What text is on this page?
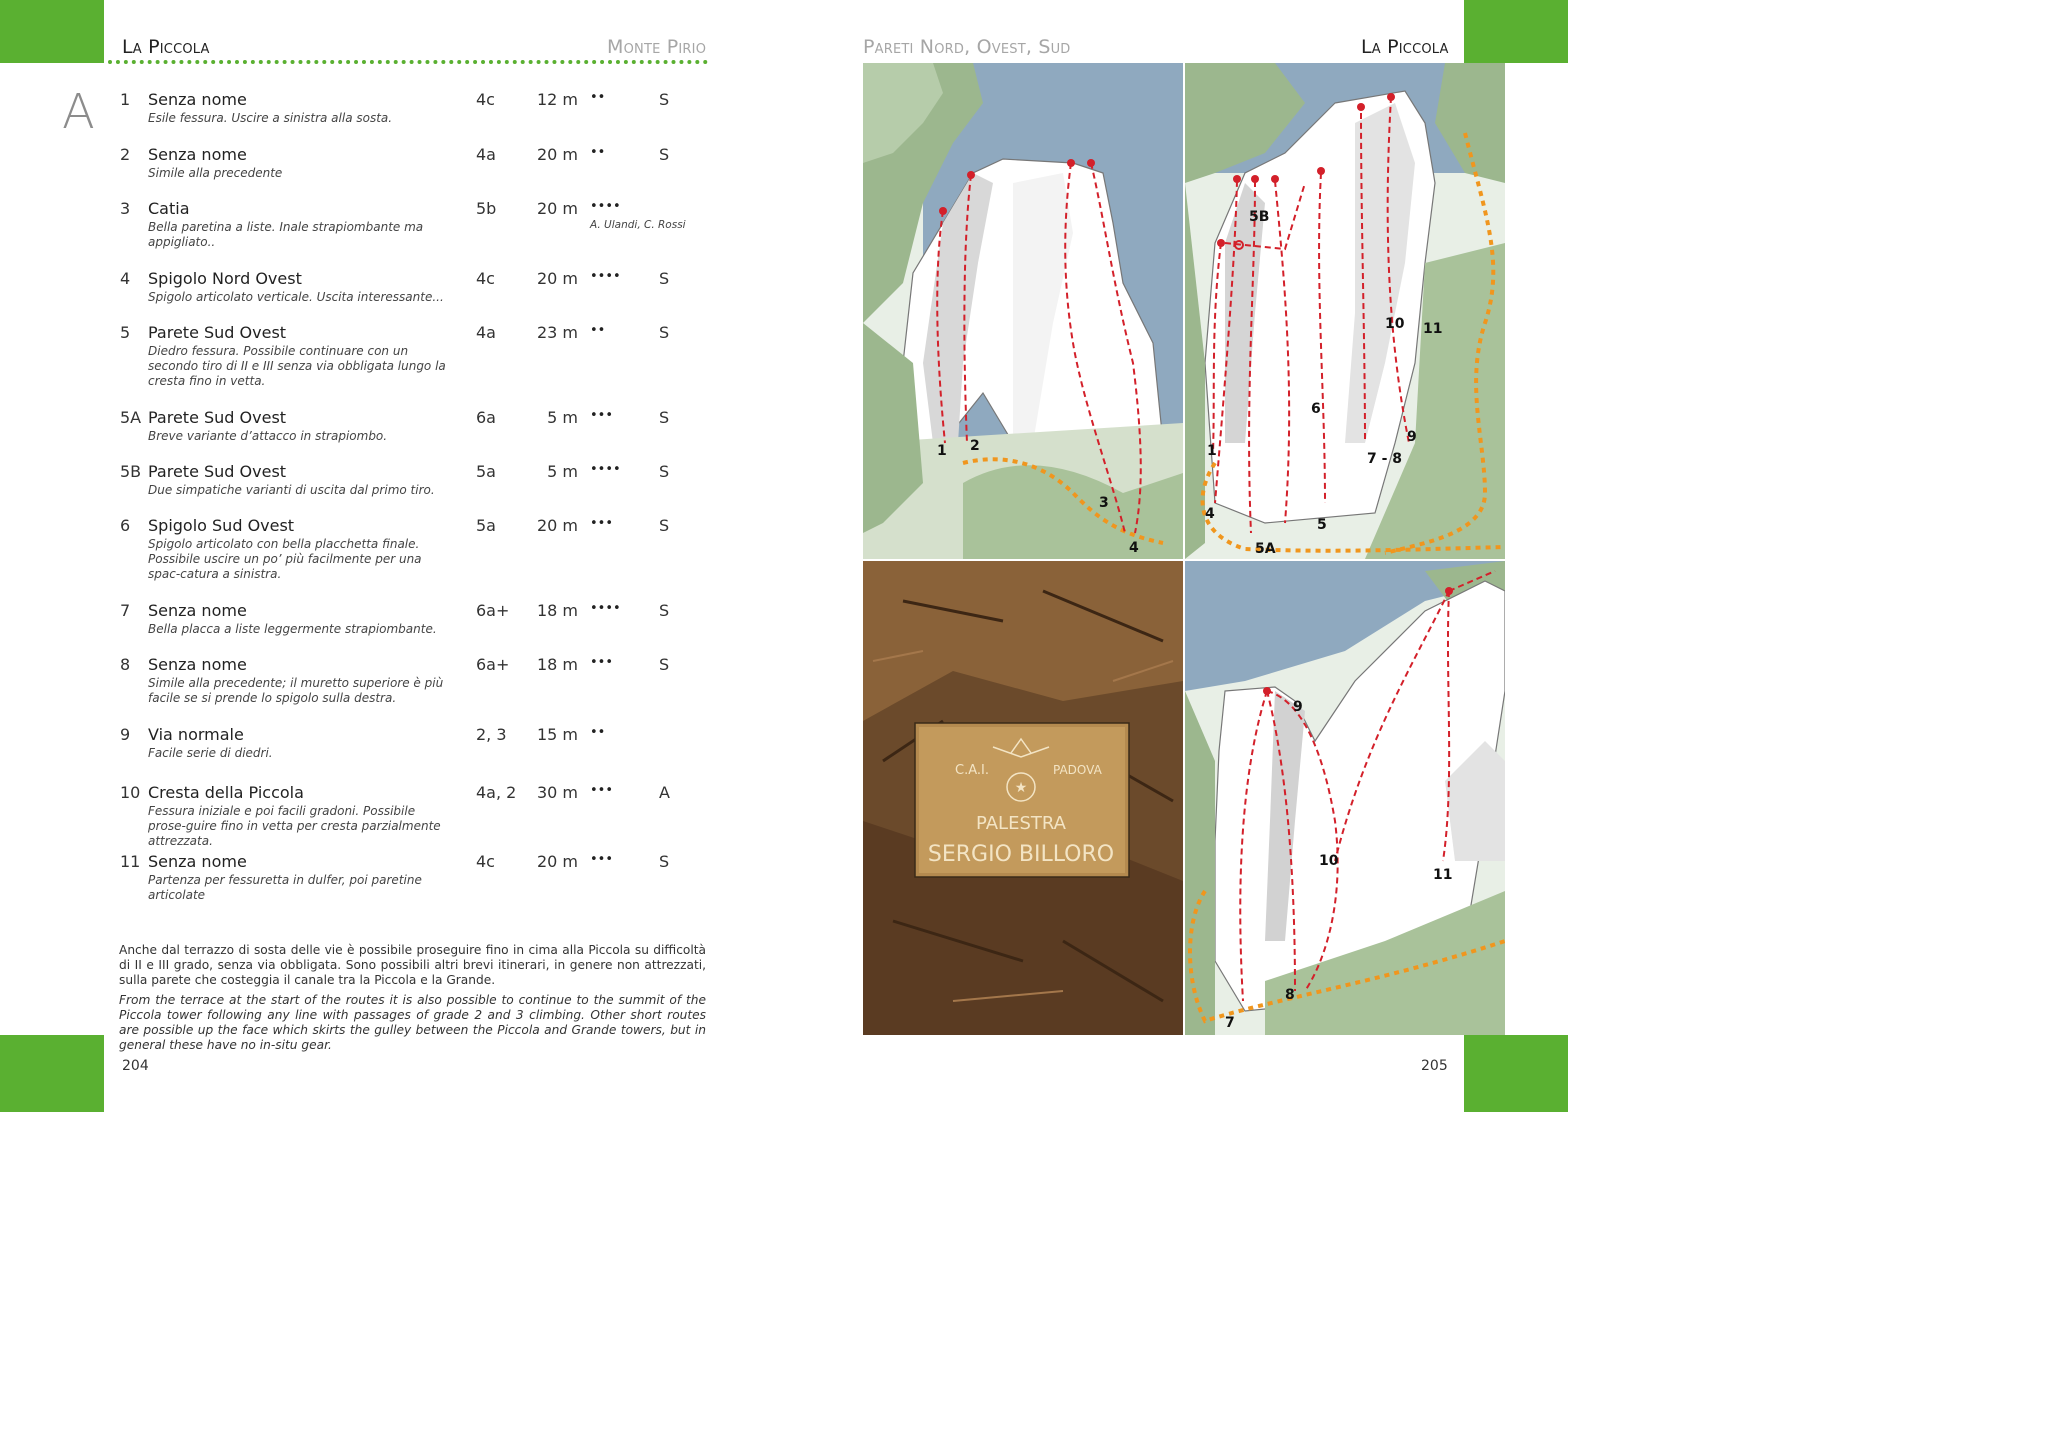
La Piccola	Monte Pirio
A 1 Senza nome	4c	12 m ••	S
Esile fessura. Uscire a sinistra alla sosta.
2 Senza nome	4a	20 m ••	S
Simile alla precedente
3 Catia	5b	20 m ••••
Bella paretina a liste. Inale strapiombante ma appigliato..
A. Ulandi, C. Rossi
4 Spigolo Nord Ovest	4c	20 m •••• S
Spigolo articolato verticale. Uscita interessante...
5 Parete Sud Ovest	4a	23 m ••	S
Diedro fessura. Possibile continuare con un secondo tiro di II e III senza via obbligata lungo la cresta fino in vetta.
5A Parete Sud Ovest	6a	5 m •••	S
Breve variante d’attacco in strapiombo.
5B Parete Sud Ovest	5a	5 m •••• S
Due simpatiche varianti di uscita dal primo tiro.
6 Spigolo Sud Ovest	5a	20 m •••	S
Spigolo articolato con bella placchetta finale. Possibile uscire un po’ più facilmente per una spac-catura a sinistra.
7 Senza nome	6a+	18 m •••• S
Bella placca a liste leggermente strapiombante.
8 Senza nome	6a+	18 m •••	S
Simile alla precedente; il muretto superiore è più facile se si prende lo spigolo sulla destra.
9 Via normale	2, 3	15 m ••
Facile serie di diedri.
10 Cresta della Piccola	4a, 2	30 m •••	A
Fessura iniziale e poi facili gradoni. Possibile prose-guire fino in vetta per cresta parzialmente attrezzata.
11 Senza nome	4c	20 m •••	S
Partenza per fessuretta in dulfer, poi paretine articolate
Anche dal terrazzo di sosta delle vie è possibile proseguire fino in cima alla Piccola su difficoltà di II e III grado, senza via obbligata. Sono possibili altri brevi itinerari, in genere non attrezzati, sulla parete che costeggia il canale tra la Piccola e la Grande.
From the terrace at the start of the routes it is also possible to continue to the summit of the Piccola tower following any line with passages of grade 2 and 3 climbing. Other short routes are possible up the face which skirts the gulley between the Piccola and Grande towers, but in general these have no in-situ gear.
204
Pareti Nord, Ovest, Sud	La Piccola
1 2
3
4
5B
10 11
6
9
1	7 - 8
4
5
5A
★
C.A.I.	PADOVA
PALESTRA
SERGIO BILLORO
9
10
11
8
7
205
